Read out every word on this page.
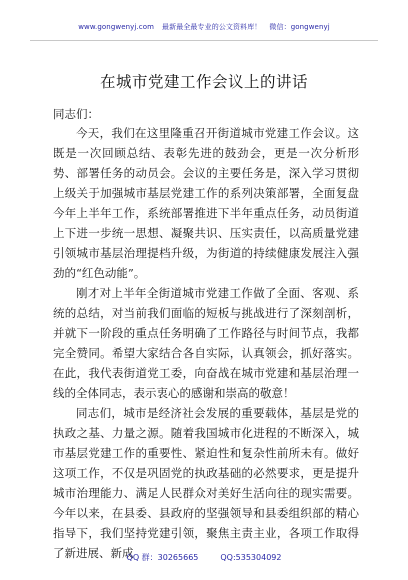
www.gongwenyj.com 最新最全最专业的公文资料库！ 微信：gongwenyj
在城市党建工作会议上的讲话
同志们：

今天，我们在这里隆重召开街道城市党建工作会议。这既是一次回顾总结、表彰先进的鼓劲会，更是一次分析形势、部署任务的动员会。会议的主要任务是，深入学习贯彻上级关于加强城市基层党建工作的系列决策部署，全面复盘今年上半年工作，系统部署推进下半年重点任务，动员街道上下进一步统一思想、凝聚共识、压实责任，以高质量党建引领城市基层治理提档升级，为街道的持续健康发展注入强劲的“红色动能”。

刚才对上半年全街道城市党建工作做了全面、客观、系统的总结，对当前我们面临的短板与挑战进行了深刻剖析，并就下一阶段的重点任务明确了工作路径与时间节点，我都完全赞同。希望大家结合各自实际，认真领会，抓好落实。在此，我代表街道党工委，向奋战在城市党建和基层治理一线的全体同志，表示衷心的感谢和崇高的敬意！

同志们，城市是经济社会发展的重要载体，基层是党的执政之基、力量之源。随着我国城市化进程的不断深入，城市基层党建工作的重要性、紧迫性和复杂性前所未有。做好这项工作，不仅是巩固党的执政基础的必然要求，更是提升城市治理能力、满足人民群众对美好生活向往的现实需要。今年以来，在县委、县政府的坚强领导和县委组织部的精心指导下，我们坚持党建引领，聚焦主责主业，各项工作取得了新进展、新成

QQ 群：30265665	QQ:535304092
